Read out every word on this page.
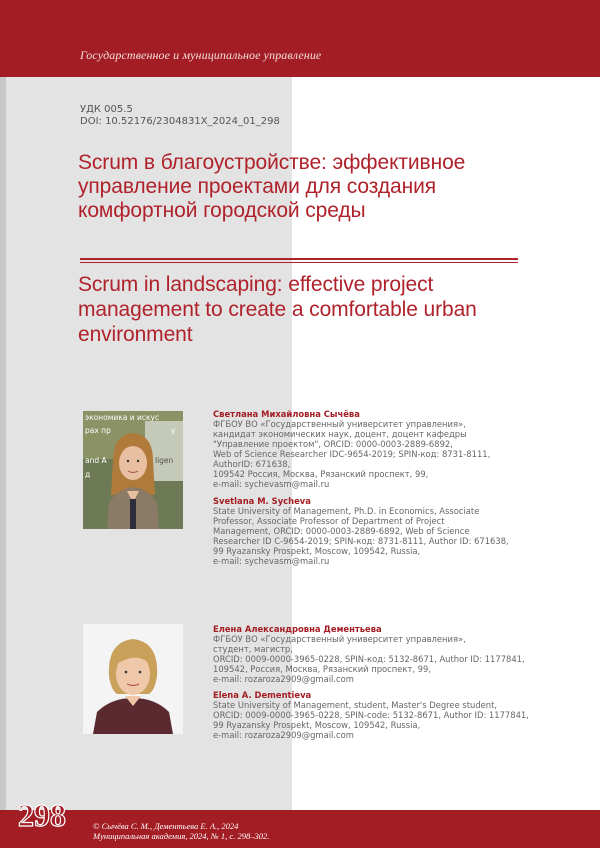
Государственное и муниципальное управление
УДК 005.5
DOI: 10.52176/2304831X_2024_01_298
Scrum в благоустройстве: эффективное управление проектами для создания комфортной городской среды
Scrum in landscaping: effective project management to create a comfortable urban environment
экономика и искус
рах пр	у
and A	ligen
д
Светлана Михайловна Сычёва
ФГБОУ ВО «Государственный университет управления»,
кандидат экономических наук, доцент, доцент кафедры
"Управление проектом", ORCID: 0000-0003-2889-6892,
Web of Science Researcher IDC-9654-2019; SPIN-код: 8731-8111,
AuthorID: 671638,
109542 Россия, Москва, Рязанский проспект, 99,
e-mail: sychevasm@mail.ru
Svetlana M. Sycheva
State University of Management, Ph.D. in Economics, Associate
Professor, Associate Professor of Department of Project
Management, ORCID: 0000-0003-2889-6892, Web of Science
Researcher ID C-9654-2019; SPIN-код: 8731-8111, Author ID: 671638,
99 Ryazansky Prospekt, Moscow, 109542, Russia,
e-mail: sychevasm@mail.ru
Елена Александровна Дементьева
ФГБОУ ВО «Государственный университет управления»,
студент, магистр,
ORCID: 0009-0000-3965-0228, SPIN-код: 5132-8671, Author ID: 1177841,
109542, Россия, Москва, Рязанский проспект, 99,
e-mail: rozaroza2909@gmail.com
Elena A. Dementieva
State University of Management, student, Master's Degree student,
ORCID: 0009-0000-3965-0228, SPIN-code: 5132-8671, Author ID: 1177841,
99 Ryazansky Prospekt, Moscow, 109542, Russia,
e-mail: rozaroza2909@gmail.com
298	© Сычёва С. М., Дементьева Е. А., 2024
Муниципальная академия, 2024, № 1, с. 298–302.
